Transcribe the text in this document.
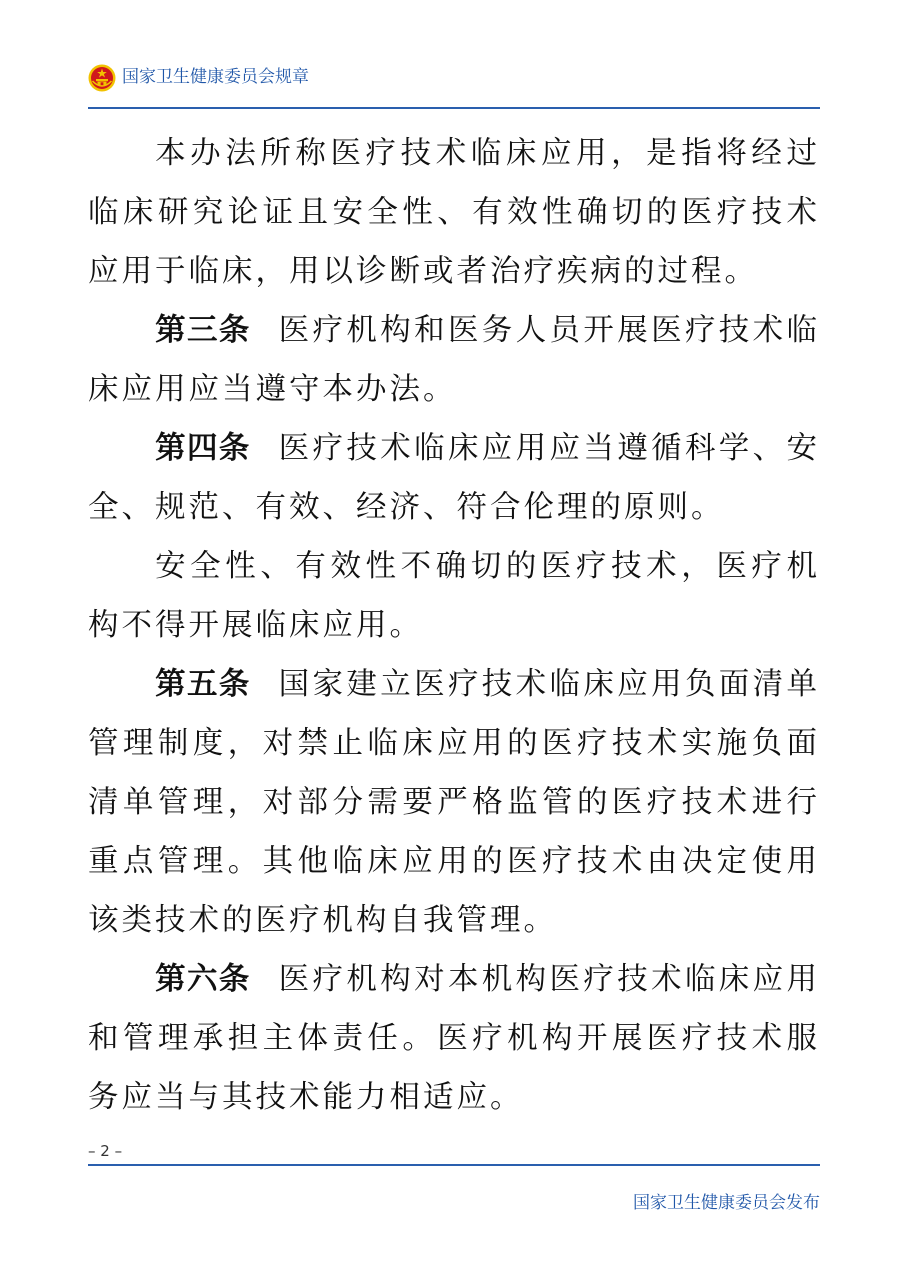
国家卫生健康委员会规章

本办法所称医疗技术临床应用，是指将经过临床研究论证且安全性、有效性确切的医疗技术应用于临床，用以诊断或者治疗疾病的过程。

第三条 医疗机构和医务人员开展医疗技术临床应用应当遵守本办法。

第四条 医疗技术临床应用应当遵循科学、安全、规范、有效、经济、符合伦理的原则。

安全性、有效性不确切的医疗技术，医疗机构不得开展临床应用。

第五条 国家建立医疗技术临床应用负面清单管理制度，对禁止临床应用的医疗技术实施负面清单管理，对部分需要严格监管的医疗技术进行重点管理。其他临床应用的医疗技术由决定使用该类技术的医疗机构自我管理。

第六条 医疗机构对本机构医疗技术临床应用和管理承担主体责任。医疗机构开展医疗技术服务应当与其技术能力相适应。

– 2 –
国家卫生健康委员会发布
